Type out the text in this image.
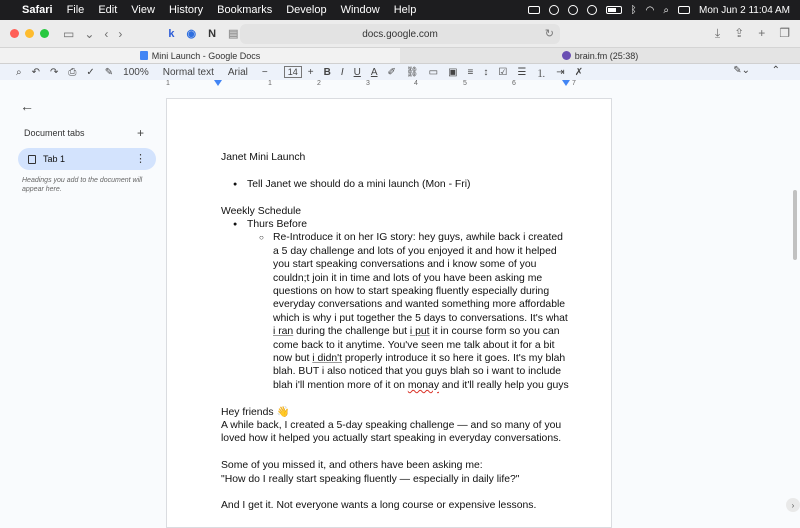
Safari File Edit View History Bookmarks Develop Window Help	ᛒ ◠ ⌕	Mon Jun 2 11:04 AM
▭ ⌄ ‹ ›	k ◉ N ▤	docs.google.com	↻	⤓ ⇪ + ❐
Mini Launch - Google Docs	brain.fm (25:38)
⌕ ↶ ↷ ⎙ ✓ ✎ 100% Normal text Arial −	14	+ B I U A ✐ ⛓ ▭ ▣ ≡ ↕ ☑ ☰ ⒈ ⇥ ✗	✎⌄ ⌃
1	1	2	3	4	5	6	7
←
Document tabs	+
Tab 1	⋮

Headings you add to the document will appear here.

Janet Mini Launch

● Tell Janet we should do a mini launch (Mon - Fri)

Weekly Schedule

● Thurs Before

○ Re-Introduce it on her IG story: hey guys, awhile back i created a 5 day challenge and lots of you enjoyed it and how it helped you start speaking conversations and i know some of you couldn;t join it in time and lots of you have been asking me questions on how to start speaking fluently especially during everyday conversations and wanted something more affordable which is why i put together the 5 days to conversations. It's what i ran during the challenge but i put it in course form so you can come back to it anytime. You've seen me talk about it for a bit now but i didn't properly introduce it so here it goes. It's my blah blah. BUT i also noticed that you guys blah so i want to include blah i'll mention more of it on monay and it'll really help you guys

Hey friends 👋

A while back, I created a 5-day speaking challenge — and so many of you loved how it helped you actually start speaking in everyday conversations.

Some of you missed it, and others have been asking me:

"How do I really start speaking fluently — especially in daily life?"

And I get it. Not everyone wants a long course or expensive lessons.	›
